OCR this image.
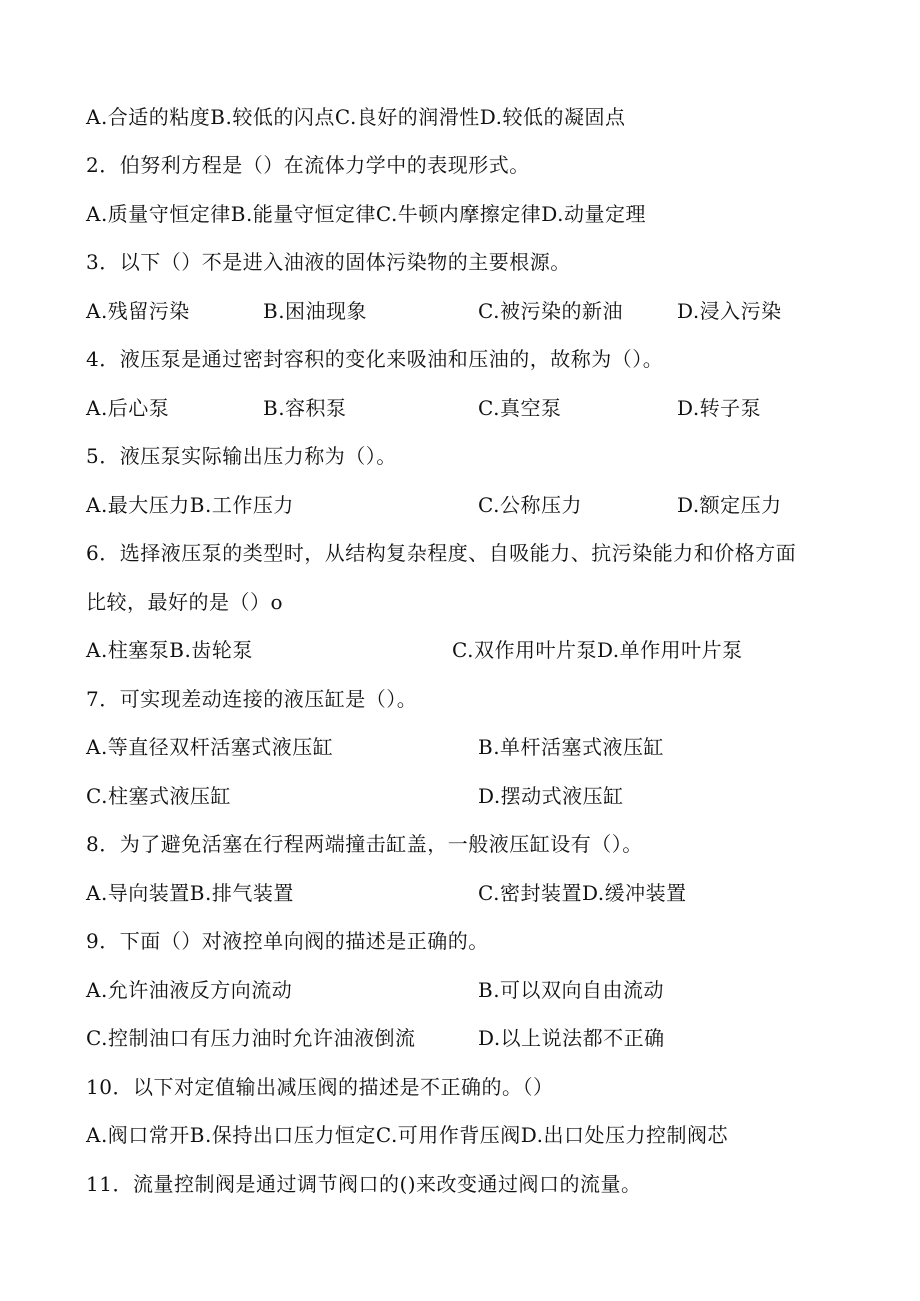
A.合适的粘度B.较低的闪点C.良好的润滑性D.较低的凝固点
2．伯努利方程是（）在流体力学中的表现形式。
A.质量守恒定律B.能量守恒定律C.牛顿内摩擦定律D.动量定理
3．以下（）不是进入油液的固体污染物的主要根源。
A.残留污染	B.困油现象	C.被污染的新油	D.浸入污染
4．液压泵是通过密封容积的变化来吸油和压油的，故称为（）。
A.后心泵	B.容积泵	C.真空泵	D.转子泵
5．液压泵实际输出压力称为（）。
A.最大压力B.工作压力	C.公称压力	D.额定压力
6．选择液压泵的类型时，从结构复杂程度、自吸能力、抗污染能力和价格方面
比较，最好的是（）o
A.柱塞泵B.齿轮泵	C.双作用叶片泵D.单作用叶片泵
7．可实现差动连接的液压缸是（）。
A.等直径双杆活塞式液压缸	B.单杆活塞式液压缸
C.柱塞式液压缸	D.摆动式液压缸
8．为了避免活塞在行程两端撞击缸盖，一般液压缸设有（）。
A.导向装置B.排气装置	C.密封装置D.缓冲装置
9．下面（）对液控单向阀的描述是正确的。
A.允许油液反方向流动	B.可以双向自由流动
C.控制油口有压力油时允许油液倒流	D.以上说法都不正确
10．以下对定值输出减压阀的描述是不正确的。（）
A.阀口常开B.保持出口压力恒定C.可用作背压阀D.出口处压力控制阀芯
11．流量控制阀是通过调节阀口的()来改变通过阀口的流量。
